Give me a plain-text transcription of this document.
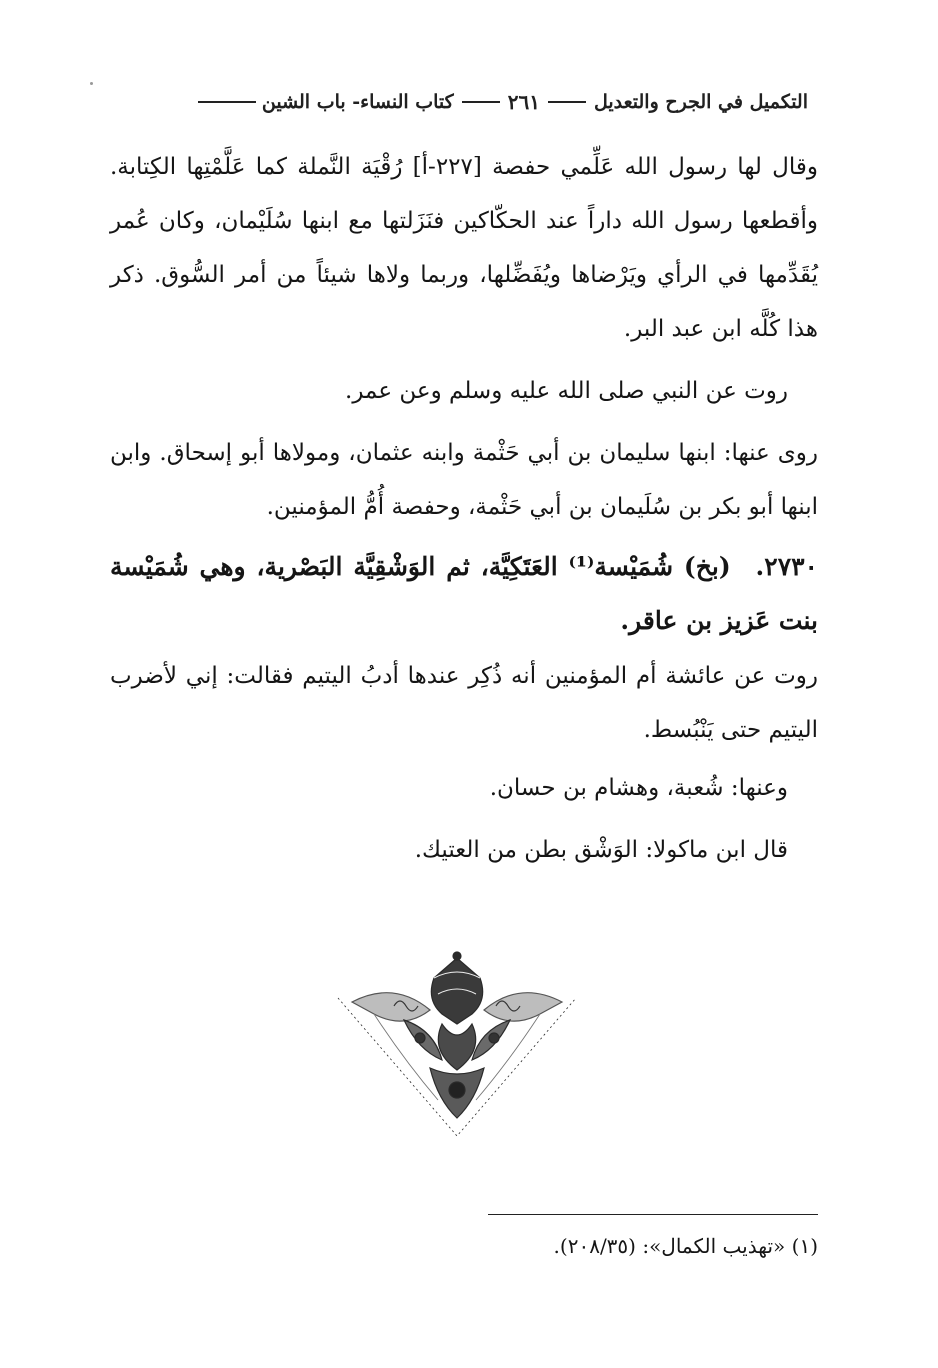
التكميل في الجرح والتعديل
٢٦١
كتاب النساء- باب الشين

وقال لها رسول الله عَلِّمي حفصة [٢٢٧-أ] رُقْيَة النَّملة كما عَلَّمْتِها الكِتابة. وأقطعها رسول الله داراً عند الحكّاكين فنَزَلتها مع ابنها سُلَيْمان، وكان عُمر يُقَدِّمها في الرأي ويَرْضاها ويُفَضِّلها، وربما ولاها شيئاً من أمر السُّوق. ذكر هذا كُلَّه ابن عبد البر.

روت عن النبي صلى الله عليه وسلم وعن عمر.

روى عنها: ابنها سليمان بن أبي حَثْمة وابنه عثمان، ومولاها أبو إسحاق. وابن ابنها أبو بكر بن سُلَيمان بن أبي حَثْمة، وحفصة أُمُّ المؤمنين.

٢٧٣٠. (بخ) شُمَيْسة⁽¹⁾ العَتَكِيَّة، ثم الوَشْقِيَّة البَصْرية، وهي شُمَيْسة بنت عَزيز بن عاقر.

روت عن عائشة أم المؤمنين أنه ذُكِر عندها أدبُ اليتيم فقالت: إني لأضرب اليتيم حتى يَنْبُسط.

وعنها: شُعبة، وهشام بن حسان.

قال ابن ماكولا: الوَشْق بطن من العتيك.

(١) «تهذيب الكمال»: (٢٠٨/٣٥).
